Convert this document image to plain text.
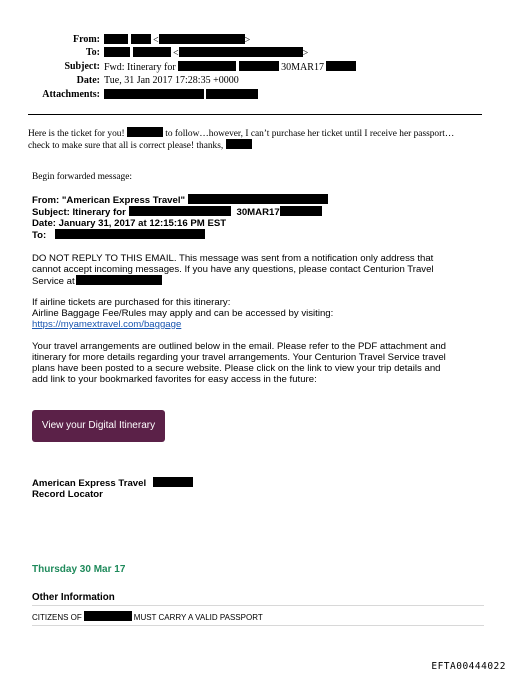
From:	<	>
To:	<	>
Subject: Fwd: Itinerary for	30MAR17
Date: Tue, 31 Jan 2017 17:28:35 +0000
Attachments:
Here is the ticket for you!	to follow…however, I can’t purchase her ticket until I receive her passport…
check to make sure that all is correct please! thanks,
Begin forwarded message:
From: "American Express Travel"
Subject: Itinerary for	30MAR17
Date: January 31, 2017 at 12:15:16 PM EST
To:
DO NOT REPLY TO THIS EMAIL. This message was sent from a notification only address that
cannot accept incoming messages. If you have any questions, please contact Centurion Travel
Service at
If airline tickets are purchased for this itinerary:
Airline Baggage Fee/Rules may apply and can be accessed by visiting:
https://myamextravel.com/baggage
Your travel arrangements are outlined below in the email. Please refer to the PDF attachment and
itinerary for more details regarding your travel arrangements. Your Centurion Travel Service travel
plans have been posted to a secure website. Please click on the link to view your trip details and
add link to your bookmarked favorites for easy access in the future:
View your Digital Itinerary
American Express Travel
Record Locator
Thursday 30 Mar 17
Other Information
CITIZENS OF	MUST CARRY A VALID PASSPORT
EFTA00444022
